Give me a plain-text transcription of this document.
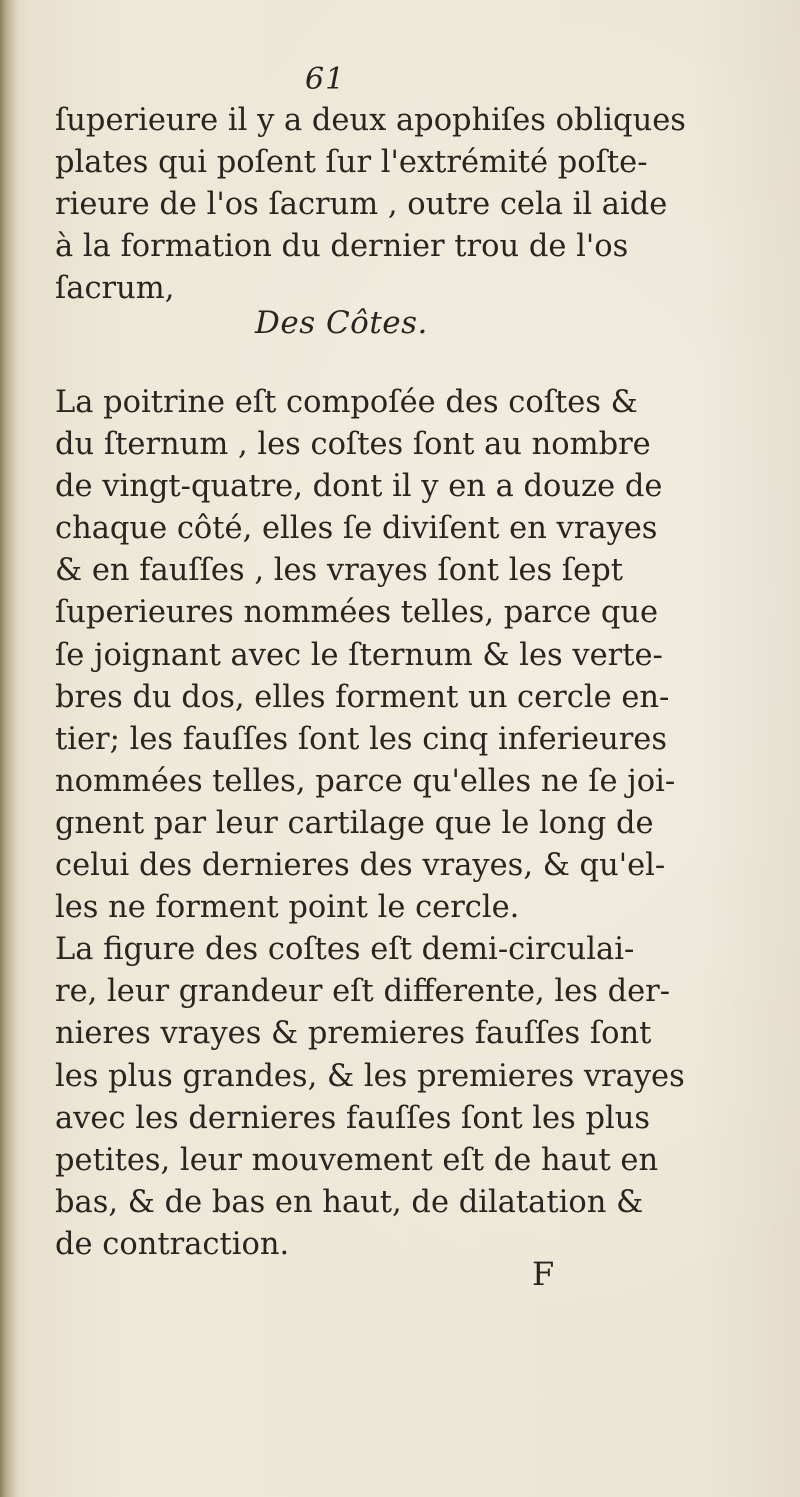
61
ſuperieure il y a deux apophiſes obliques
plates qui poſent ſur l'extrémité poſte-
rieure de l'os ſacrum , outre cela il aide
à la formation du dernier trou de l'os
ſacrum,
Des Côtes.
La poitrine eſt compoſée des coſtes &
du ſternum , les coſtes ſont au nombre
de vingt-quatre, dont il y en a douze de
chaque côté, elles ſe diviſent en vrayes
& en fauſſes , les vrayes ſont les ſept
ſuperieures nommées telles, parce que
ſe joignant avec le ſternum & les verte-
bres du dos, elles forment un cercle en-
tier; les fauſſes ſont les cinq inferieures
nommées telles, parce qu'elles ne ſe joi-
gnent par leur cartilage que le long de
celui des dernieres des vrayes, & qu'el-
les ne forment point le cercle.
La figure des coſtes eſt demi-circulai-
re, leur grandeur eſt differente, les der-
nieres vrayes & premieres fauſſes ſont
les plus grandes, & les premieres vrayes
avec les dernieres fauſſes ſont les plus
petites, leur mouvement eſt de haut en
bas, & de bas en haut, de dilatation &
de contraction.
F
